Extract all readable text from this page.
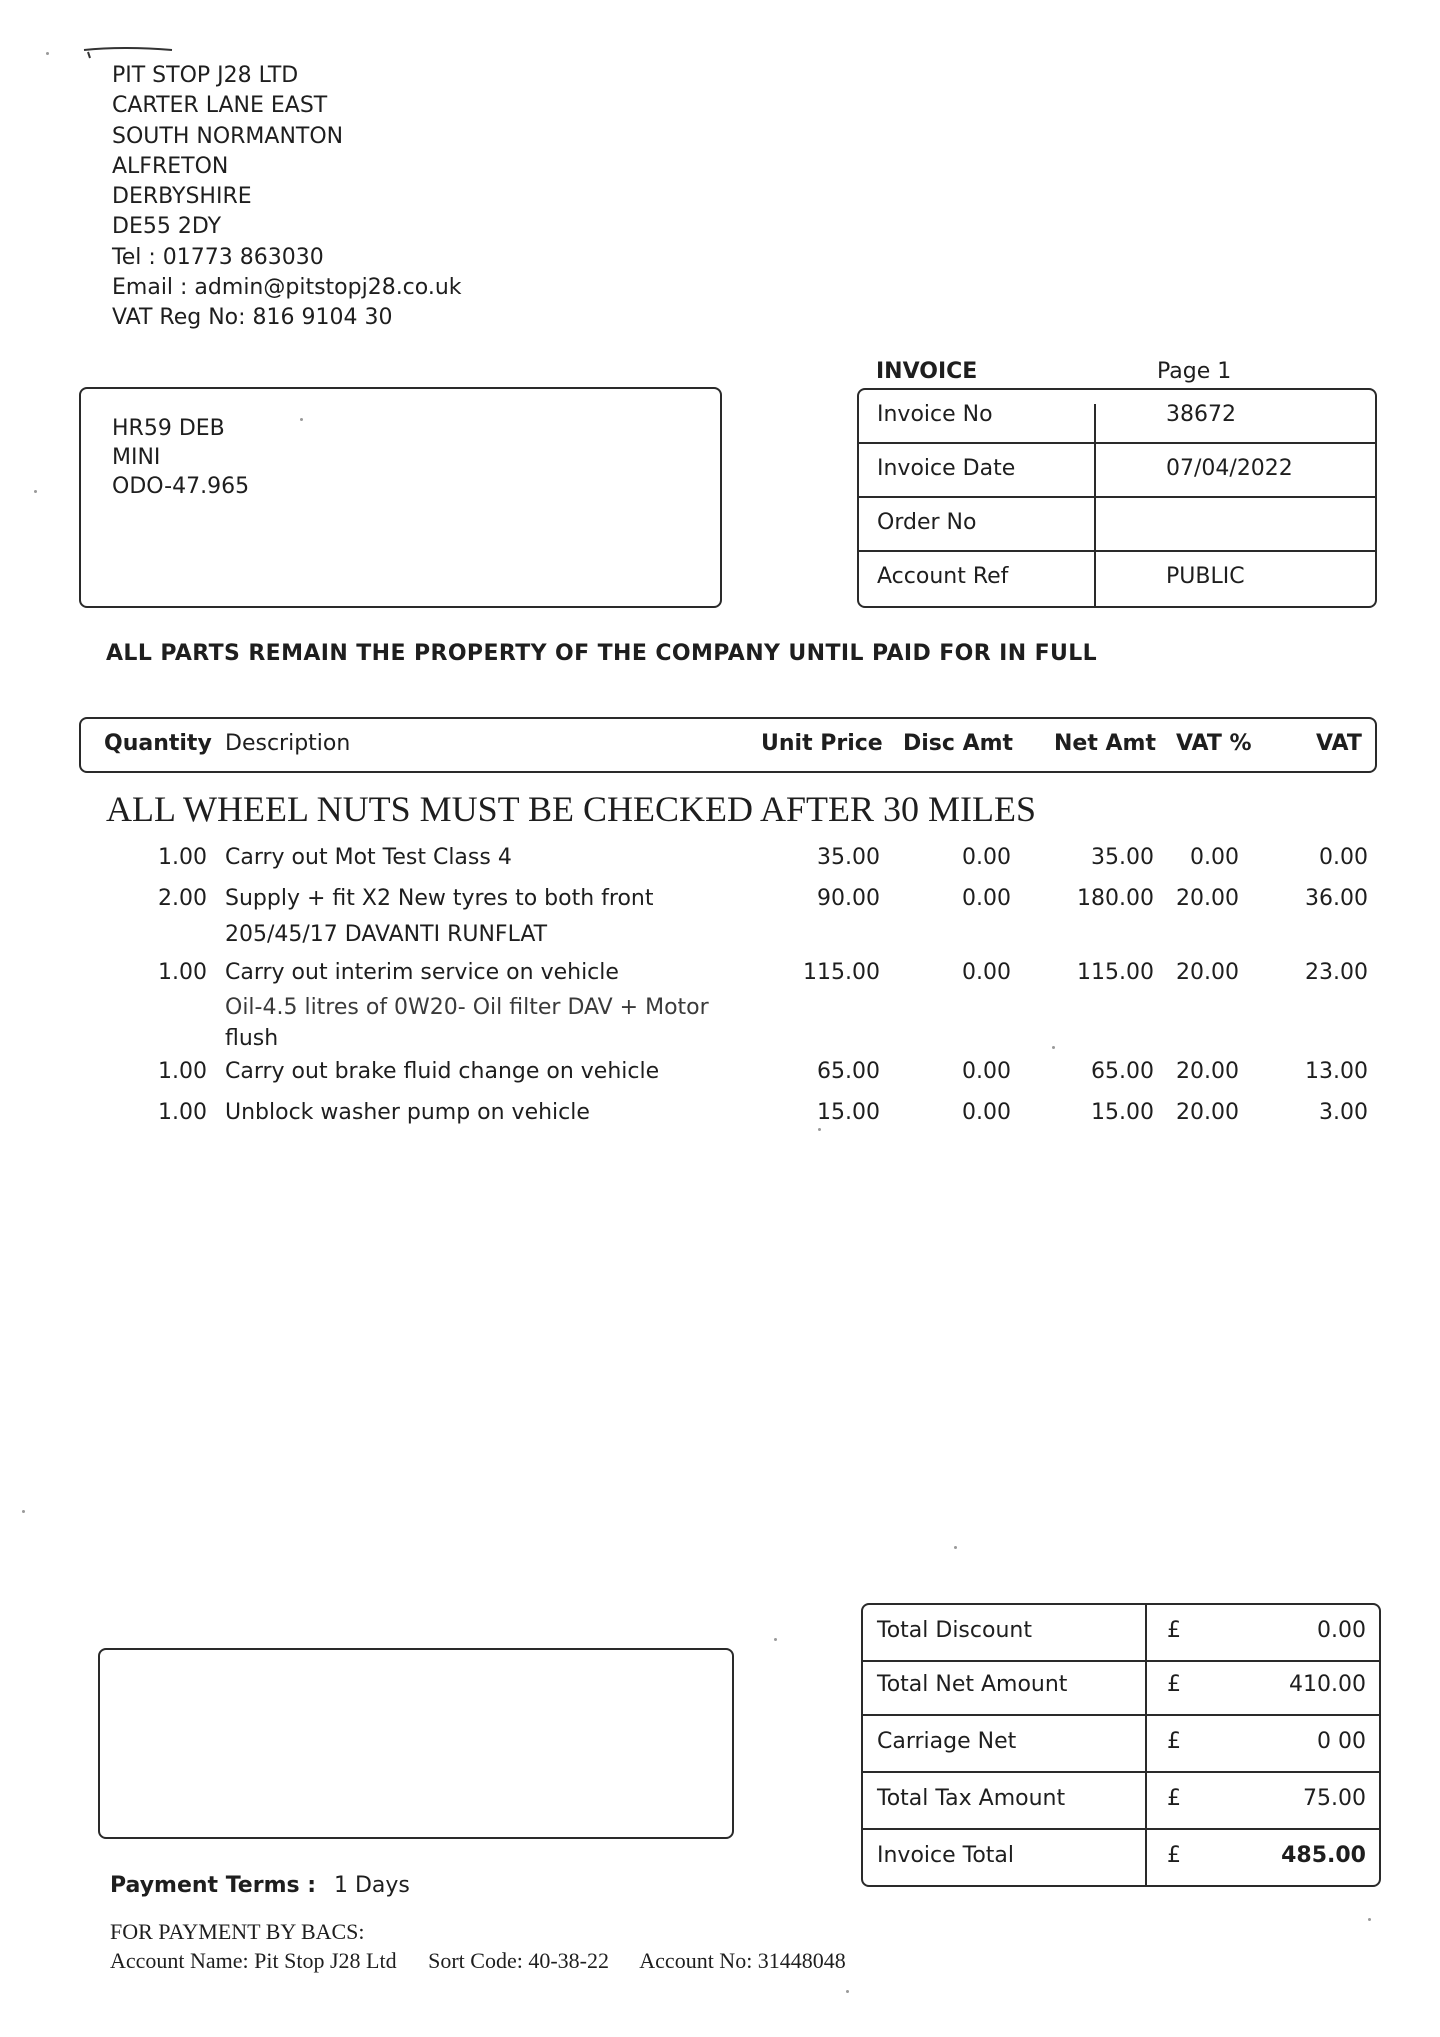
PIT STOP J28 LTD
CARTER LANE EAST
SOUTH NORMANTON
ALFRETON
DERBYSHIRE
DE55 2DY
Tel : 01773 863030
Email : admin@pitstopj28.co.uk
VAT Reg No: 816 9104 30
HR59 DEB
MINI
ODO-47.965
INVOICE	Page 1
Invoice No	38672
Invoice Date	07/04/2022
Order No
Account Ref	PUBLIC
ALL PARTS REMAIN THE PROPERTY OF THE COMPANY UNTIL PAID FOR IN FULL
Quantity Description	Unit Price Disc Amt Net Amt VAT %	VAT
ALL WHEEL NUTS MUST BE CHECKED AFTER 30 MILES
1.00 Carry out Mot Test Class 4	35.00	0.00	35.00 0.00	0.00
2.00 Supply + fit X2 New tyres to both front	90.00	0.00	180.00 20.00	36.00
205/45/17 DAVANTI RUNFLAT
1.00 Carry out interim service on vehicle	115.00	0.00	115.00 20.00	23.00
Oil-4.5 litres of 0W20- Oil filter DAV + Motor
flush
1.00 Carry out brake fluid change on vehicle	65.00	0.00	65.00 20.00	13.00
1.00 Unblock washer pump on vehicle	15.00	0.00	15.00 20.00	3.00
Total Discount	£	0.00
Total Net Amount	£	410.00
Carriage Net	£	0 00
Total Tax Amount	£	75.00
Invoice Total	£	485.00
Payment Terms : 1 Days
FOR PAYMENT BY BACS:
Account Name: Pit Stop J28 Ltd Sort Code: 40-38-22 Account No: 31448048
